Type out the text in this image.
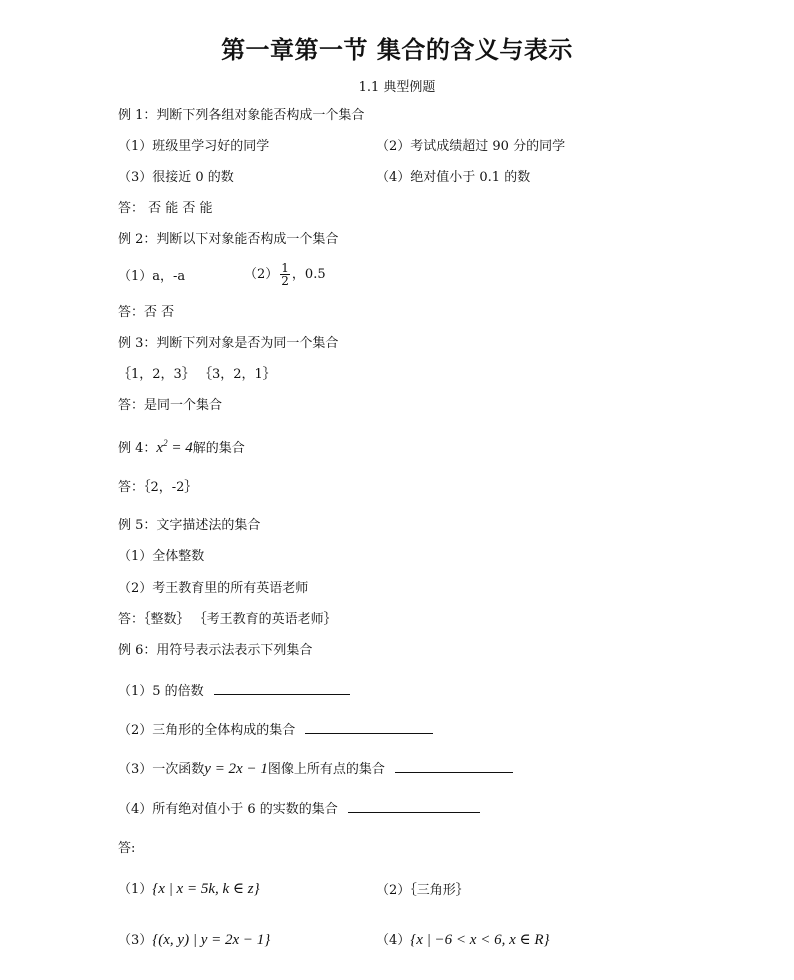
第一章第一节 集合的含义与表示
1.1 典型例题
例 1：判断下列各组对象能否构成一个集合
（1）班级里学习好的同学	（2）考试成绩超过 90 分的同学
（3）很接近 0 的数	（4）绝对值小于 0.1 的数
答： 否 能 否 能
例 2：判断以下对象能否构成一个集合
（1）a，-a	$(2) \frac{1}{2}$ ，0.5
答：否 否
例 3：判断下列对象是否为同一个集合
｛1，2，3｝ ｛3，2，1｝
答：是同一个集合
例 4：$x^2 = 4$解的集合
答：｛2，-2｝
例 5：文字描述法的集合
（1）全体整数
（2）考王教育里的所有英语老师
答：｛整数｝ ｛考王教育的英语老师｝
例 6：用符号表示法表示下列集合
（1）5 的倍数
（2）三角形的全体构成的集合
（3）一次函数y = 2x − 1图像上所有点的集合
（4）所有绝对值小于 6 的实数的集合
答:
（1）{x | x = 5k, k ∈ z}	（2）｛三角形｝
（3）{(x, y) | y = 2x − 1}	（4）{x | −6 < x < 6, x ∈ R}
